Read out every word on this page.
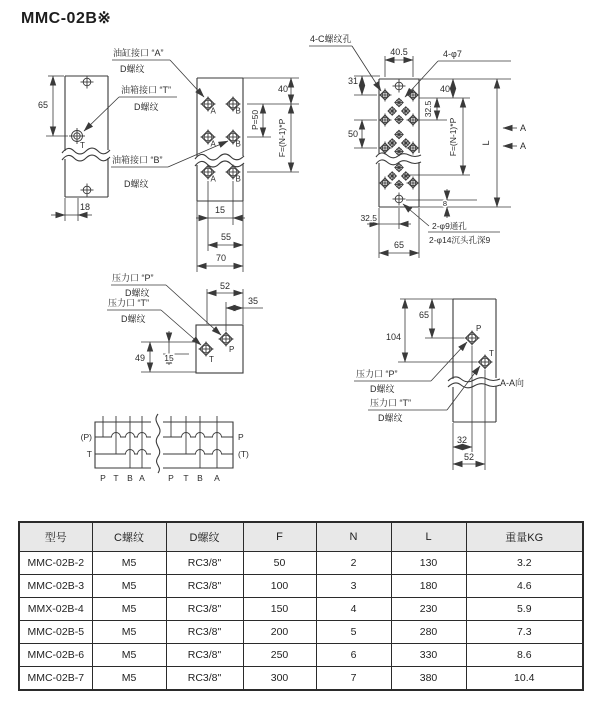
MMC-02B※
65
18
T
A B
A B
A B
40
P=50 F=(N-1)*P
15
55
70
油缸接口 “A”
D螺纹
油箱接口 “T”
D螺纹
油箱接口 “B”
D螺纹
4-C螺纹孔
4-φ7
40.5
31
50
40
32.5
F=(N-1)*P	L
8
32.5
65
2-φ9通孔
2-φ14沉头孔深9
A
A
P
T
52
35
49 15
压力口 “P”
D螺纹
压力口 “T”
D螺纹
P
T
65
104
32
52
A-A向
压力口 “P”
D螺纹
压力口 “T”
D螺纹
(P)
T
P
(T)
P T B A	P T B A
型号	C螺纹	D螺纹	F	N	L	重量KG
MMC-02B-2	M5	RC3/8"	50	2	130	3.2
MMC-02B-3	M5	RC3/8"	100	3	180	4.6
MMX-02B-4	M5	RC3/8"	150	4	230	5.9
MMC-02B-5	M5	RC3/8"	200	5	280	7.3
MMC-02B-6	M5	RC3/8"	250	6	330	8.6
MMC-02B-7	M5	RC3/8"	300	7	380	10.4
